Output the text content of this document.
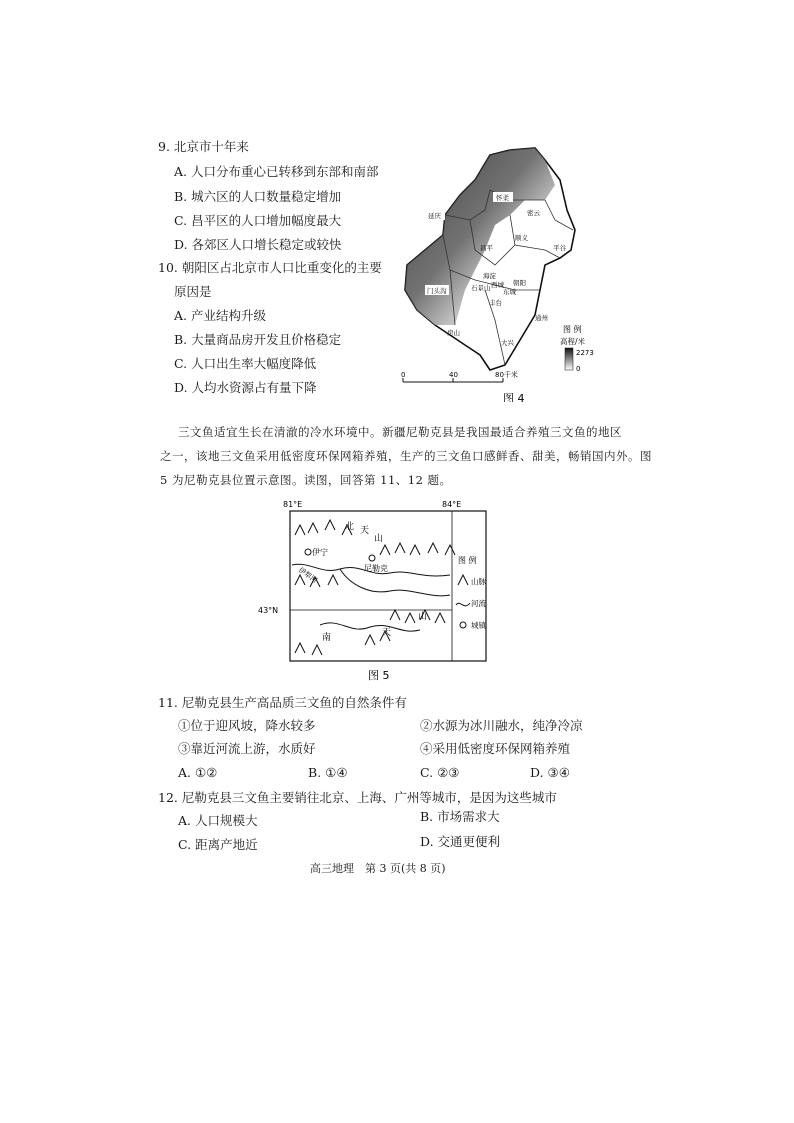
9. 北京市十年来
A. 人口分布重心已转移到东部和南部
B. 城六区的人口数量稳定增加
C. 昌平区的人口增加幅度最大
D. 各郊区人口增长稳定或较快
10. 朝阳区占北京市人口比重变化的主要
原因是
A. 产业结构升级
B. 大量商品房开发且价格稳定
C. 人口出生率大幅度降低
D. 人均水资源占有量下降
延庆
怀柔
密云
平谷
顺义
昌平
门头沟
海淀
石景山
朝阳
东城
西城
丰台
通州
房山
大兴
图 例
高程/米
2273
0
0	40	80千米
图 4
三文鱼适宜生长在清澈的冷水环境中。新疆尼勒克县是我国最适合养殖三文鱼的地区
之一，该地三文鱼采用低密度环保网箱养殖，生产的三文鱼口感鲜香、甜美，畅销国内外。图
5 为尼勒克县位置示意图。读图，回答第 11、12 题。
81°E	84°E
43°N
伊宁
尼勒克
北 天
山
南	天
山
伊犁河
图 例
山脉
河流
城镇
图 5
11. 尼勒克县生产高品质三文鱼的自然条件有
①位于迎风坡，降水较多	②水源为冰川融水，纯净冷凉
③靠近河流上游，水质好	④采用低密度环保网箱养殖
A. ①②	B. ①④	C. ②③	D. ③④
12. 尼勒克县三文鱼主要销往北京、上海、广州等城市，是因为这些城市
A. 人口规模大	B. 市场需求大
C. 距离产地近	D. 交通更便利
高三地理　第 3 页(共 8 页)
